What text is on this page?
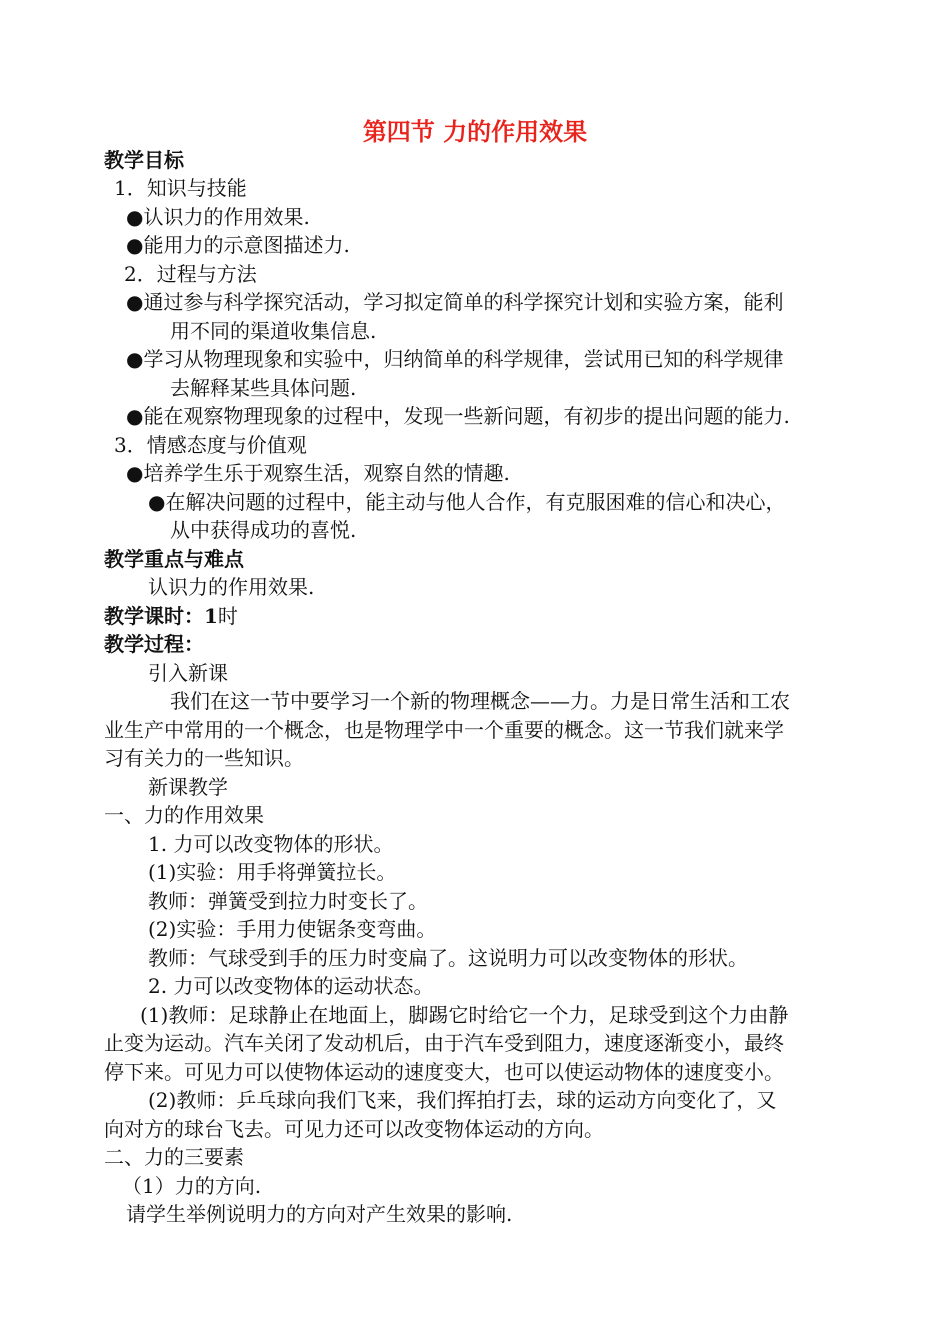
第四节 力的作用效果
教学目标
1．知识与技能
●认识力的作用效果.
●能用力的示意图描述力.
2．过程与方法
●通过参与科学探究活动，学习拟定简单的科学探究计划和实验方案，能利
用不同的渠道收集信息.
●学习从物理现象和实验中，归纳简单的科学规律，尝试用已知的科学规律
去解释某些具体问题.
●能在观察物理现象的过程中，发现一些新问题，有初步的提出问题的能力.
3．情感态度与价值观
●培养学生乐于观察生活，观察自然的情趣.
●在解决问题的过程中，能主动与他人合作，有克服困难的信心和决心，
从中获得成功的喜悦.
教学重点与难点
认识力的作用效果.
教学课时：1时
教学过程：
引入新课
我们在这一节中要学习一个新的物理概念——力。力是日常生活和工农
业生产中常用的一个概念，也是物理学中一个重要的概念。这一节我们就来学
习有关力的一些知识。
新课教学
一、力的作用效果
1. 力可以改变物体的形状。
(1)实验：用手将弹簧拉长。
教师：弹簧受到拉力时变长了。
(2)实验：手用力使锯条变弯曲。
教师：气球受到手的压力时变扁了。这说明力可以改变物体的形状。
2. 力可以改变物体的运动状态。
(1)教师：足球静止在地面上，脚踢它时给它一个力，足球受到这个力由静
止变为运动。汽车关闭了发动机后，由于汽车受到阻力，速度逐渐变小，最终
停下来。可见力可以使物体运动的速度变大，也可以使运动物体的速度变小。
(2)教师：乒乓球向我们飞来，我们挥拍打去，球的运动方向变化了，又
向对方的球台飞去。可见力还可以改变物体运动的方向。
二、力的三要素
（1）力的方向.
请学生举例说明力的方向对产生效果的影响.
